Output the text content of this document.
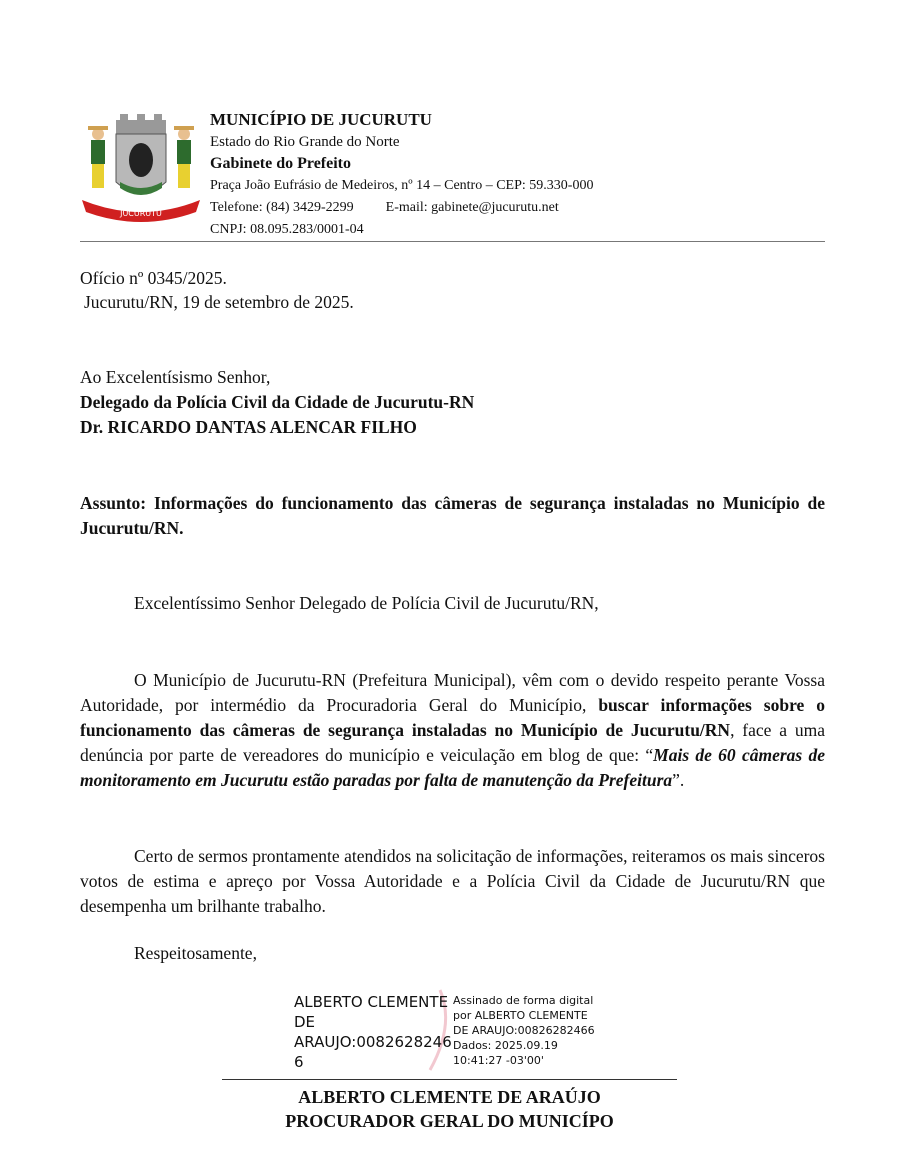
JUCURUTU
MUNICÍPIO DE JUCURUTU
Estado do Rio Grande do Norte
Gabinete do Prefeito
Praça João Eufrásio de Medeiros, nº 14 – Centro – CEP: 59.330-000
Telefone: (84) 3429-2299 E-mail: gabinete@jucurutu.net
CNPJ: 08.095.283/0001-04
Ofício nº 0345/2025.
Jucurutu/RN, 19 de setembro de 2025.
Ao Excelentísismo Senhor,
Delegado da Polícia Civil da Cidade de Jucurutu-RN
Dr. RICARDO DANTAS ALENCAR FILHO
Assunto: Informações do funcionamento das câmeras de segurança instaladas no Município de Jucurutu/RN.
Excelentíssimo Senhor Delegado de Polícia Civil de Jucurutu/RN,
O Município de Jucurutu-RN (Prefeitura Municipal), vêm com o devido respeito perante Vossa Autoridade, por intermédio da Procuradoria Geral do Município, buscar informações sobre o funcionamento das câmeras de segurança instaladas no Município de Jucurutu/RN, face a uma denúncia por parte de vereadores do município e veiculação em blog de que: “Mais de 60 câmeras de monitoramento em Jucurutu estão paradas por falta de manutenção da Prefeitura”.
Certo de sermos prontamente atendidos na solicitação de informações, reiteramos os mais sinceros votos de estima e apreço por Vossa Autoridade e a Polícia Civil da Cidade de Jucurutu/RN que desempenha um brilhante trabalho.
Respeitosamente,
ALBERTO CLEMENTE
DE
ARAUJO:0082628246
6
Assinado de forma digital
por ALBERTO CLEMENTE
DE ARAUJO:00826282466
Dados: 2025.09.19
10:41:27 -03'00'
ALBERTO CLEMENTE DE ARAÚJO
PROCURADOR GERAL DO MUNICÍPO
